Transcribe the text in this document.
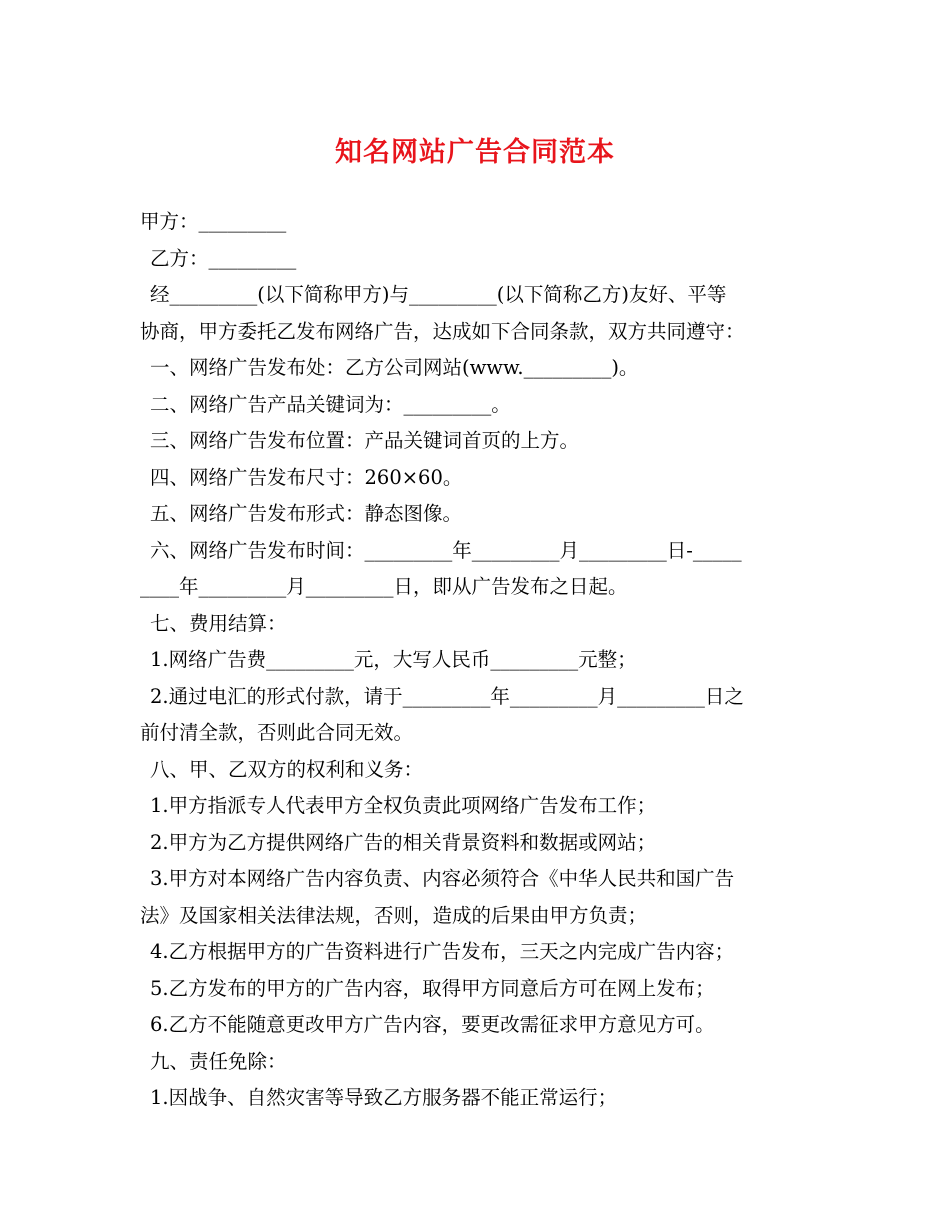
知名网站广告合同范本
甲方：_________
乙方：_________
经_________(以下简称甲方)与_________(以下简称乙方)友好、平等
协商，甲方委托乙发布网络广告，达成如下合同条款，双方共同遵守：
一、网络广告发布处：乙方公司网站(www._________)。
二、网络广告产品关键词为：_________。
三、网络广告发布位置：产品关键词首页的上方。
四、网络广告发布尺寸：260×60。
五、网络广告发布形式：静态图像。
六、网络广告发布时间：_________年_________月_________日-_____
____年_________月_________日，即从广告发布之日起。
七、费用结算：
1.网络广告费_________元，大写人民币_________元整；
2.通过电汇的形式付款，请于_________年_________月_________日之
前付清全款，否则此合同无效。
八、甲、乙双方的权利和义务：
1.甲方指派专人代表甲方全权负责此项网络广告发布工作；
2.甲方为乙方提供网络广告的相关背景资料和数据或网站；
3.甲方对本网络广告内容负责、内容必须符合《中华人民共和国广告
法》及国家相关法律法规，否则，造成的后果由甲方负责；
4.乙方根据甲方的广告资料进行广告发布，三天之内完成广告内容；
5.乙方发布的甲方的广告内容，取得甲方同意后方可在网上发布；
6.乙方不能随意更改甲方广告内容，要更改需征求甲方意见方可。
九、责任免除：
1.因战争、自然灾害等导致乙方服务器不能正常运行；
